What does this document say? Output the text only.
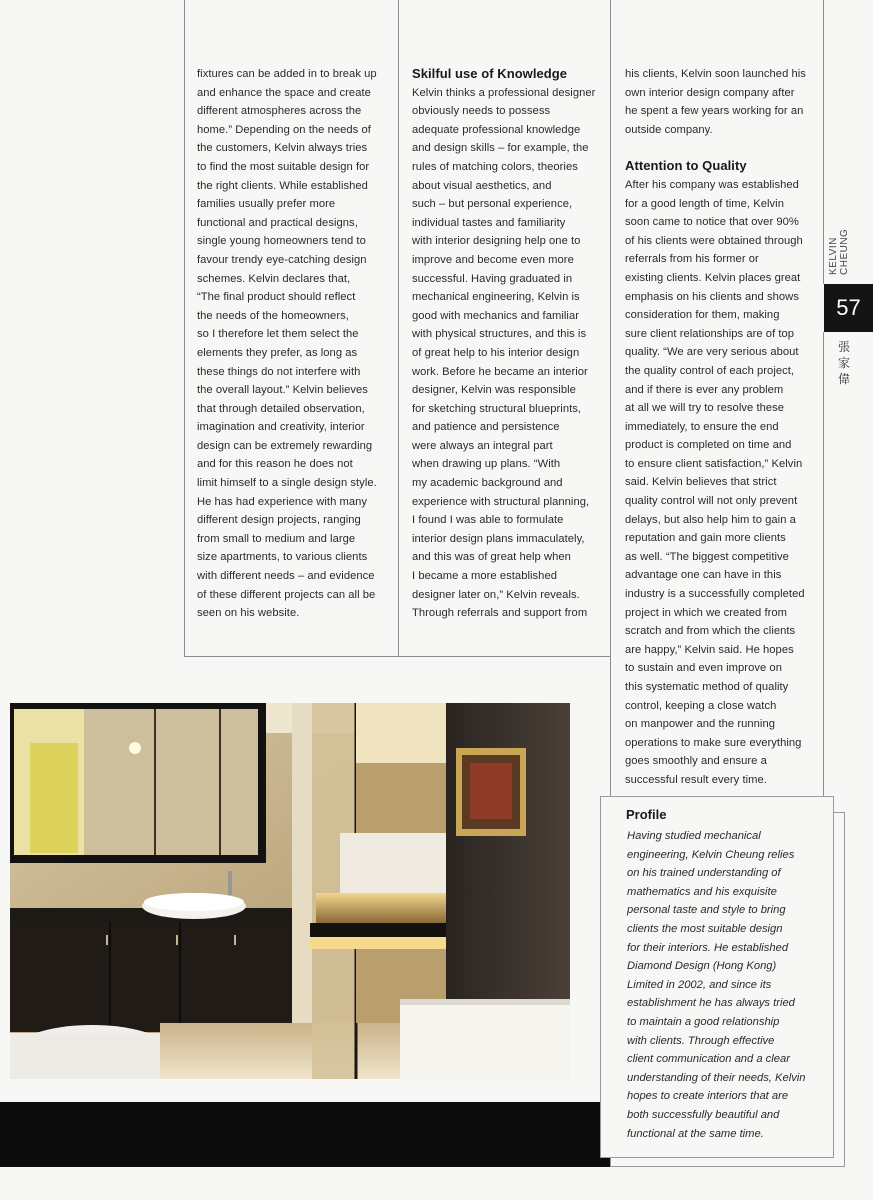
fixtures can be added in to break up

and enhance the space and create

different atmospheres across the

home.” Depending on the needs of

the customers, Kelvin always tries

to find the most suitable design for

the right clients. While established

families usually prefer more

functional and practical designs,

single young homeowners tend to

favour trendy eye-catching design

schemes. Kelvin declares that,

“The final product should reflect

the needs of the homeowners,

so I therefore let them select the

elements they prefer, as long as

these things do not interfere with

the overall layout.” Kelvin believes

that through detailed observation,

imagination and creativity, interior

design can be extremely rewarding

and for this reason he does not

limit himself to a single design style.

He has had experience with many

different design projects, ranging

from small to medium and large

size apartments, to various clients

with different needs – and evidence

of these different projects can all be

seen on his website.

Skilful use of Knowledge

Kelvin thinks a professional designer

obviously needs to possess

adequate professional knowledge

and design skills – for example, the

rules of matching colors, theories

about visual aesthetics, and

such – but personal experience,

individual tastes and familiarity

with interior designing help one to

improve and become even more

successful. Having graduated in

mechanical engineering, Kelvin is

good with mechanics and familiar

with physical structures, and this is

of great help to his interior design

work. Before he became an interior

designer, Kelvin was responsible

for sketching structural blueprints,

and patience and persistence

were always an integral part

when drawing up plans. “With

my academic background and

experience with structural planning,

I found I was able to formulate

interior design plans immaculately,

and this was of great help when

I became a more established

designer later on,” Kelvin reveals.

Through referrals and support from

his clients, Kelvin soon launched his

own interior design company after

he spent a few years working for an

outside company.

Attention to Quality

After his company was established

for a good length of time, Kelvin

soon came to notice that over 90%

of his clients were obtained through

referrals from his former or

existing clients. Kelvin places great

emphasis on his clients and shows

consideration for them, making

sure client relationships are of top

quality. “We are very serious about

the quality control of each project,

and if there is ever any problem

at all we will try to resolve these

immediately, to ensure the end

product is completed on time and

to ensure client satisfaction,” Kelvin

said. Kelvin believes that strict

quality control will not only prevent

delays, but also help him to gain a

reputation and gain more clients

as well. “The biggest competitive

advantage one can have in this

industry is a successfully completed

project in which we created from

scratch and from which the clients

are happy,” Kelvin said. He hopes

to sustain and even improve on

this systematic method of quality

control, keeping a close watch

on manpower and the running

operations to make sure everything

goes smoothly and ensure a

successful result every time.

KELVIN CHEUNG
57
張
家
偉
Profile

Having studied mechanical

engineering, Kelvin Cheung relies

on his trained understanding of

mathematics and his exquisite

personal taste and style to bring

clients the most suitable design

for their interiors. He established

Diamond Design (Hong Kong)

Limited in 2002, and since its

establishment he has always tried

to maintain a good relationship

with clients. Through effective

client communication and a clear

understanding of their needs, Kelvin

hopes to create interiors that are

both successfully beautiful and

functional at the same time.
